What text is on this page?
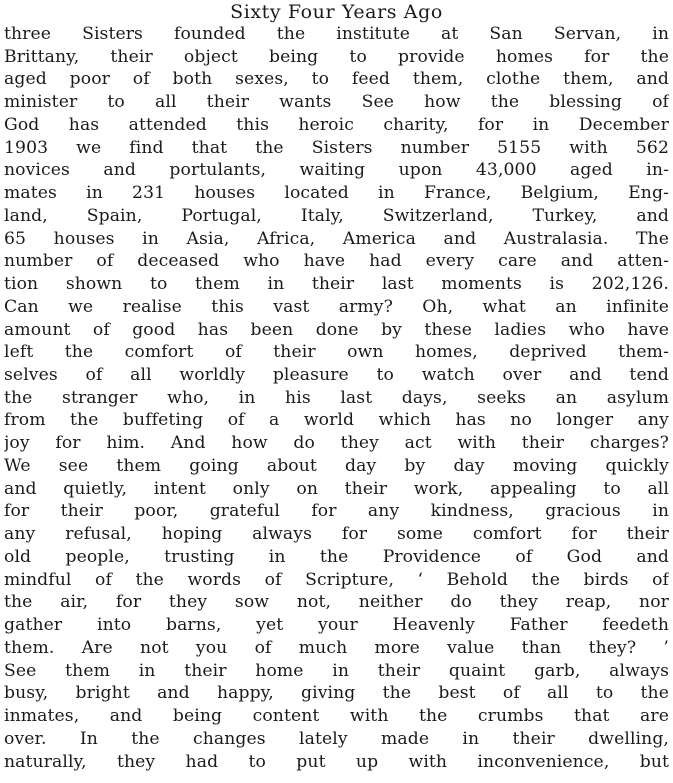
Sixty Four Years Ago
three Sisters founded the institute at San Servan, in
Brittany, their object being to provide homes for the
aged poor of both sexes, to feed them, clothe them, and
minister to all their wants See how the blessing of
God has attended this heroic charity, for in December
1903 we find that the Sisters number 5155 with 562
novices and portulants, waiting upon 43,000 aged in-
mates in 231 houses located in France, Belgium, Eng-
land, Spain, Portugal, Italy, Switzerland, Turkey, and
65 houses in Asia, Africa, America and Australasia. The
number of deceased who have had every care and atten-
tion shown to them in their last moments is 202,126.
Can we realise this vast army? Oh, what an infinite
amount of good has been done by these ladies who have
left the comfort of their own homes, deprived them-
selves of all worldly pleasure to watch over and tend
the stranger who, in his last days, seeks an asylum
from the buffeting of a world which has no longer any
joy for him. And how do they act with their charges?
We see them going about day by day moving quickly
and quietly, intent only on their work, appealing to all
for their poor, grateful for any kindness, gracious in
any refusal, hoping always for some comfort for their
old people, trusting in the Providence of God and
mindful of the words of Scripture, ‘ Behold the birds of
the air, for they sow not, neither do they reap, nor
gather into barns, yet your Heavenly Father feedeth
them. Are not you of much more value than they? ’
See them in their home in their quaint garb, always
busy, bright and happy, giving the best of all to the
inmates, and being content with the crumbs that are
over. In the changes lately made in their dwelling,
naturally, they had to put up with inconvenience, but
